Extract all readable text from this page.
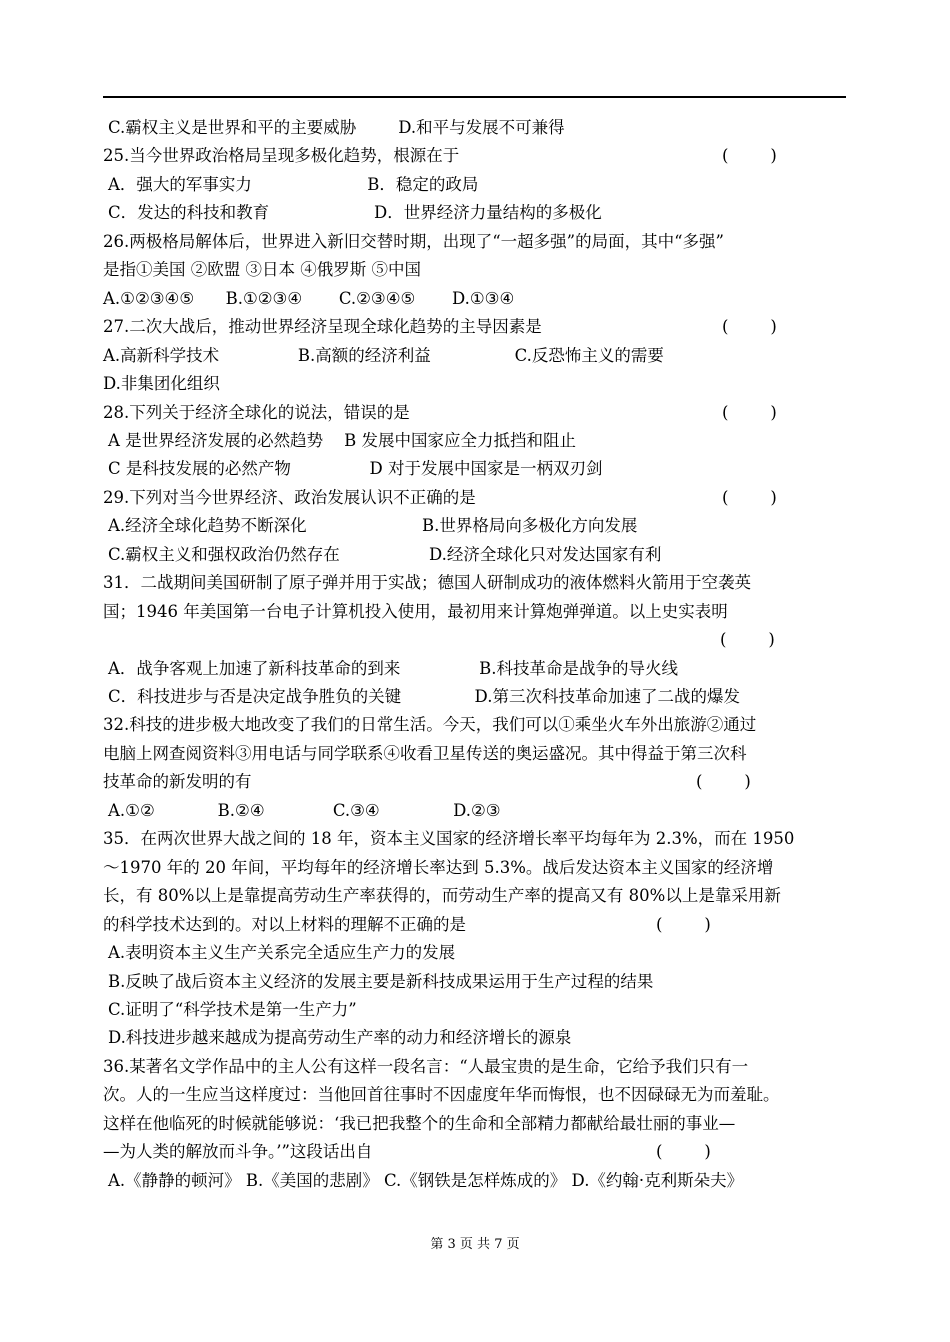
C.霸权主义是世界和平的主要威胁        D.和平与发展不可兼得
25.当今世界政治格局呈现多极化趋势，根源在于	(        )
A．强大的军事实力                      B．稳定的政局
C．发达的科技和教育                    D．世界经济力量结构的多极化
26.两极格局解体后，世界进入新旧交替时期，出现了“一超多强”的局面，其中“多强”
是指①美国 ②欧盟 ③日本 ④俄罗斯 ⑤中国
A.①②③④⑤      B.①②③④       C.②③④⑤       D.①③④
27.二次大战后，推动世界经济呈现全球化趋势的主导因素是	(        )
A.高新科学技术               B.高额的经济利益                C.反恐怖主义的需要
D.非集团化组织
28.下列关于经济全球化的说法，错误的是	(        )
A 是世界经济发展的必然趋势    B 发展中国家应全力抵挡和阻止
C 是科技发展的必然产物               D 对于发展中国家是一柄双刃剑
29.下列对当今世界经济、政治发展认识不正确的是	(        )
A.经济全球化趋势不断深化                      B.世界格局向多极化方向发展
C.霸权主义和强权政治仍然存在                 D.经济全球化只对发达国家有利
31．二战期间美国研制了原子弹并用于实战；德国人研制成功的液体燃料火箭用于空袭英
国；1946 年美国第一台电子计算机投入使用，最初用来计算炮弹弹道。以上史实表明
(        )
A．战争客观上加速了新科技革命的到来               B.科技革命是战争的导火线
C．科技进步与否是决定战争胜负的关键              D.第三次科技革命加速了二战的爆发
32.科技的进步极大地改变了我们的日常生活。今天，我们可以①乘坐火车外出旅游②通过
电脑上网查阅资料③用电话与同学联系④收看卫星传送的奥运盛况。其中得益于第三次科
技革命的新发明的有	(        )
A.①②            B.②④             C.③④              D.②③
35．在两次世界大战之间的 18 年，资本主义国家的经济增长率平均每年为 2.3%，而在 1950
～1970 年的 20 年间，平均每年的经济增长率达到 5.3%。战后发达资本主义国家的经济增
长，有 80%以上是靠提高劳动生产率获得的，而劳动生产率的提高又有 80%以上是靠采用新
的科学技术达到的。对以上材料的理解不正确的是	(        )
A.表明资本主义生产关系完全适应生产力的发展
B.反映了战后资本主义经济的发展主要是新科技成果运用于生产过程的结果
C.证明了“科学技术是第一生产力”
D.科技进步越来越成为提高劳动生产率的动力和经济增长的源泉
36.某著名文学作品中的主人公有这样一段名言：“人最宝贵的是生命，它给予我们只有一
次。人的一生应当这样度过：当他回首往事时不因虚度年华而悔恨，也不因碌碌无为而羞耻。
这样在他临死的时候就能够说：‘我已把我整个的生命和全部精力都献给最壮丽的事业—
—为人类的解放而斗争。’”这段话出自	(        )
A.《静静的顿河》 B.《美国的悲剧》 C.《钢铁是怎样炼成的》 D.《约翰·克利斯朵夫》
第 3 页 共 7 页
